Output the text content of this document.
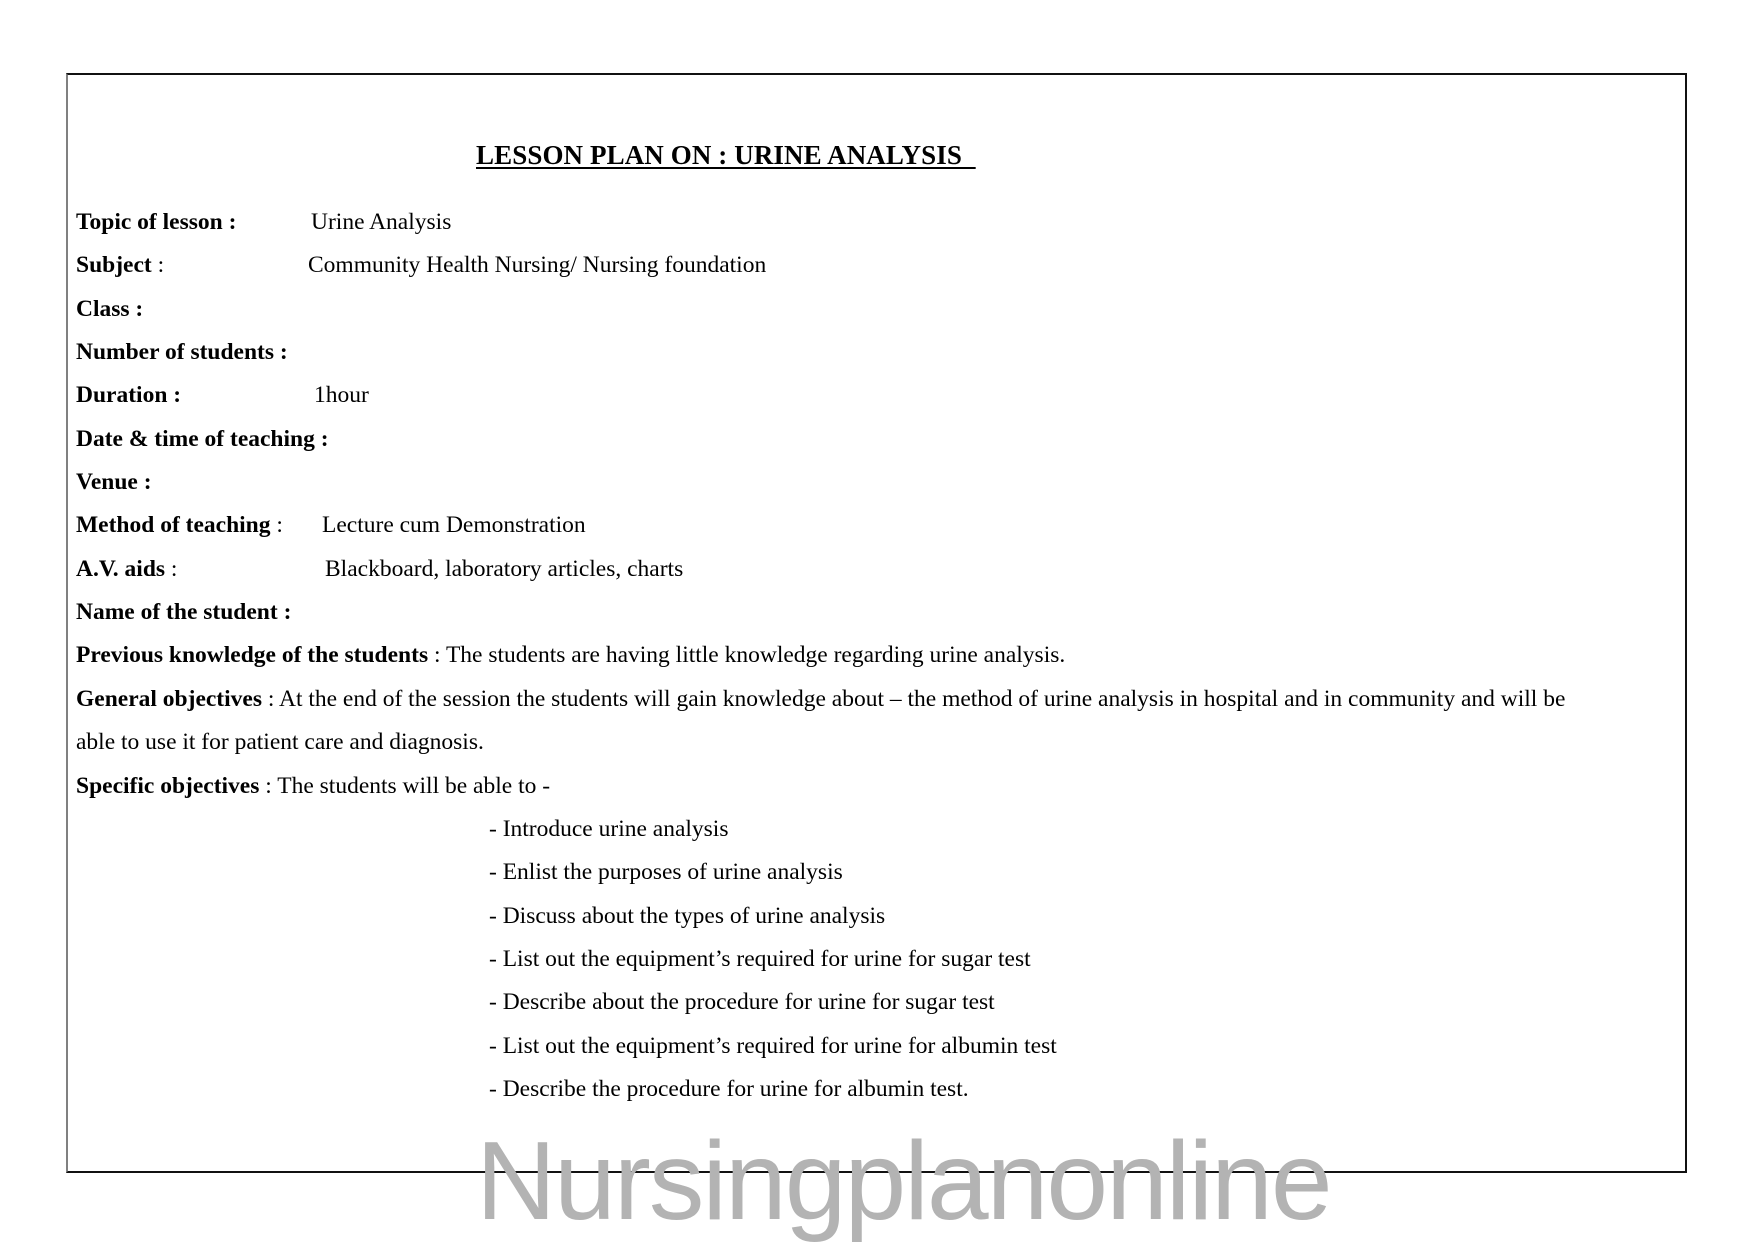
LESSON PLAN ON : URINE ANALYSIS
Topic of lesson :	Urine Analysis
Subject :	Community Health Nursing/ Nursing foundation
Class :
Number of students :
Duration :	1hour
Date & time of teaching :
Venue :
Method of teaching : Lecture cum Demonstration
A.V. aids :	Blackboard, laboratory articles, charts
Name of the student :
Previous knowledge of the students : The students are having little knowledge regarding urine analysis.
General objectives : At the end of the session the students will gain knowledge about – the method of urine analysis in hospital and in community and will be
able to use it for patient care and diagnosis.
Specific objectives : The students will be able to -
- Introduce urine analysis
- Enlist the purposes of urine analysis
- Discuss about the types of urine analysis
- List out the equipment’s required for urine for sugar test
- Describe about the procedure for urine for sugar test
- List out the equipment’s required for urine for albumin test
- Describe the procedure for urine for albumin test.
Nursingplanonline
